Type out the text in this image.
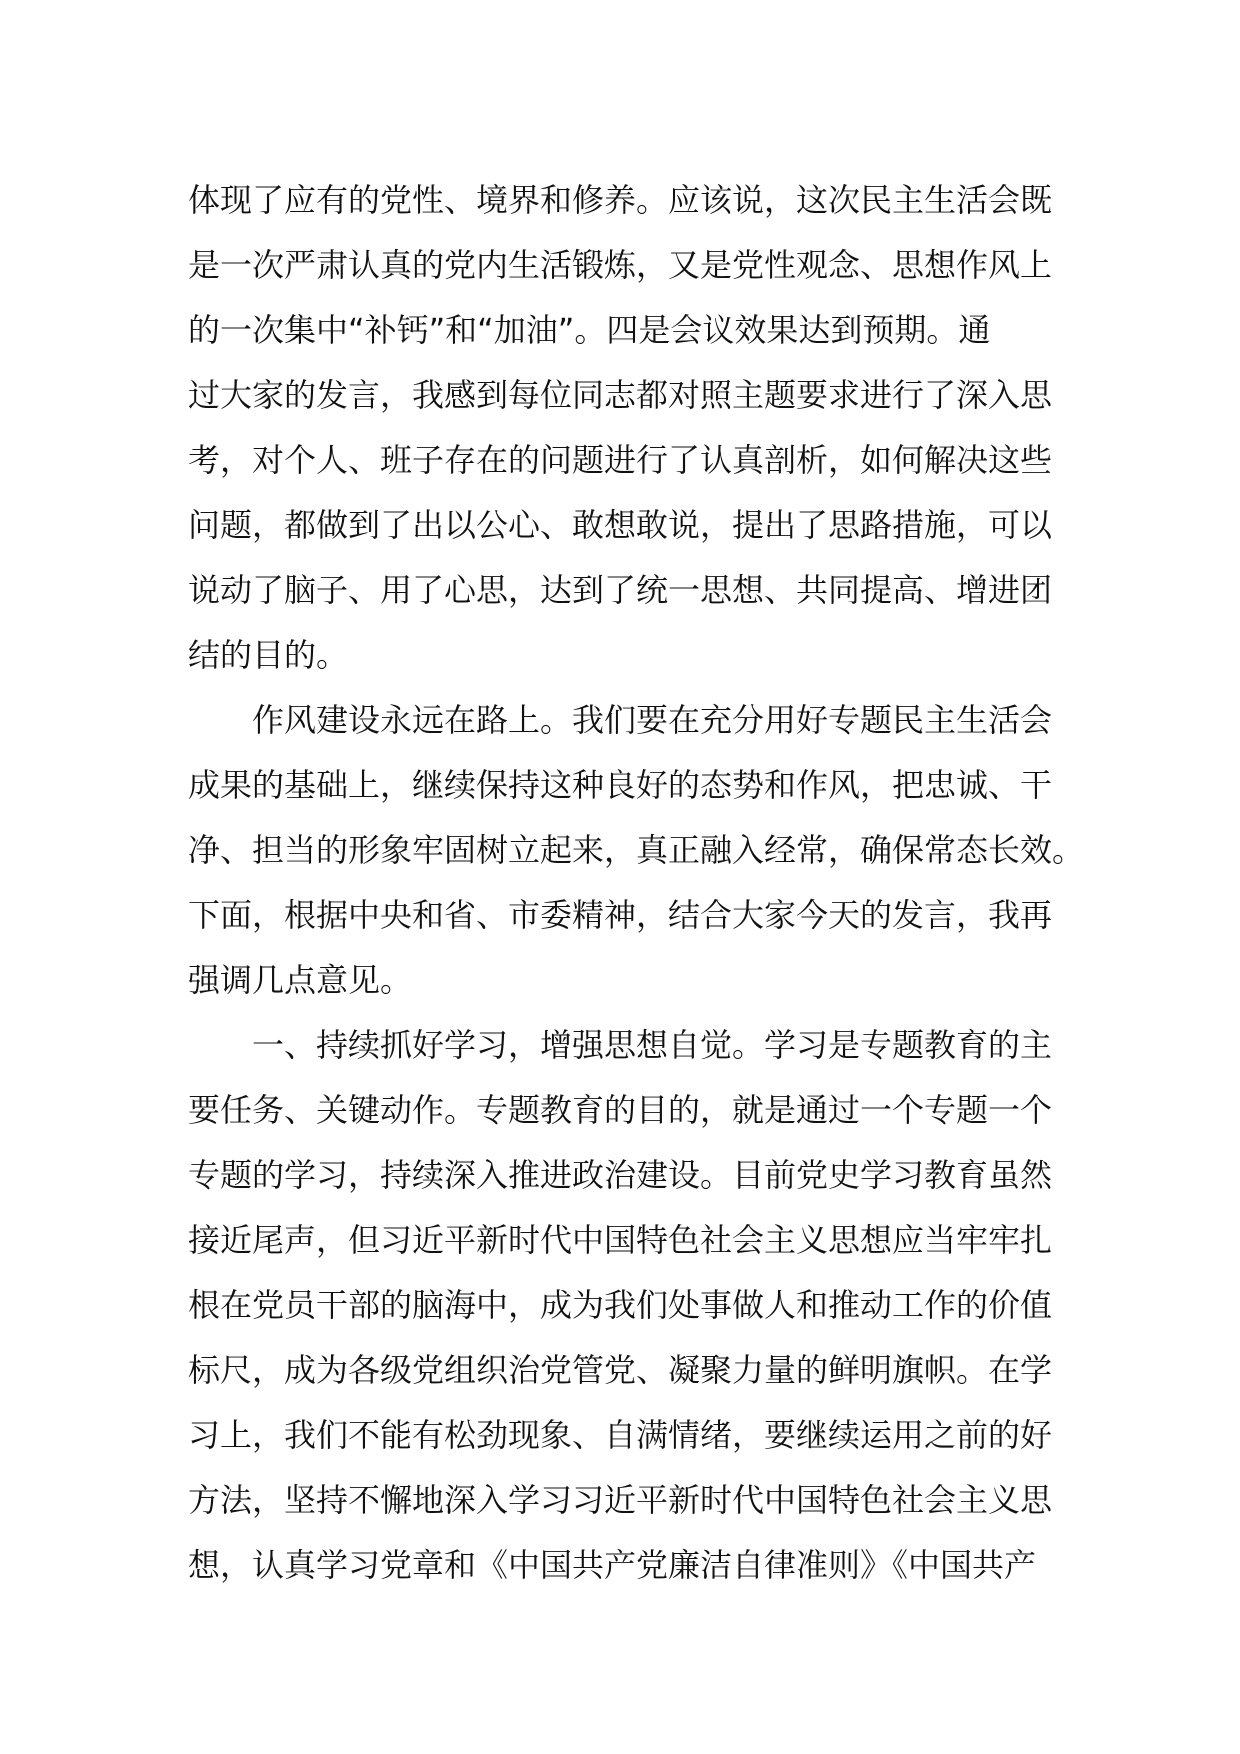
体现了应有的党性、境界和修养。应该说，这次民主生活会既
是一次严肃认真的党内生活锻炼，又是党性观念、思想作风上
的一次集中“补钙”和“加油”。四是会议效果达到预期。通
过大家的发言，我感到每位同志都对照主题要求进行了深入思
考，对个人、班子存在的问题进行了认真剖析，如何解决这些
问题，都做到了出以公心、敢想敢说，提出了思路措施，可以
说动了脑子、用了心思，达到了统一思想、共同提高、增进团
结的目的。
作风建设永远在路上。我们要在充分用好专题民主生活会
成果的基础上，继续保持这种良好的态势和作风，把忠诚、干
净、担当的形象牢固树立起来，真正融入经常，确保常态长效。
下面，根据中央和省、市委精神，结合大家今天的发言，我再
强调几点意见。
一、持续抓好学习，增强思想自觉。学习是专题教育的主
要任务、关键动作。专题教育的目的，就是通过一个专题一个
专题的学习，持续深入推进政治建设。目前党史学习教育虽然
接近尾声，但习近平新时代中国特色社会主义思想应当牢牢扎
根在党员干部的脑海中，成为我们处事做人和推动工作的价值
标尺，成为各级党组织治党管党、凝聚力量的鲜明旗帜。在学
习上，我们不能有松劲现象、自满情绪，要继续运用之前的好
方法，坚持不懈地深入学习习近平新时代中国特色社会主义思
想，认真学习党章和《中国共产党廉洁自律准则》《中国共产
